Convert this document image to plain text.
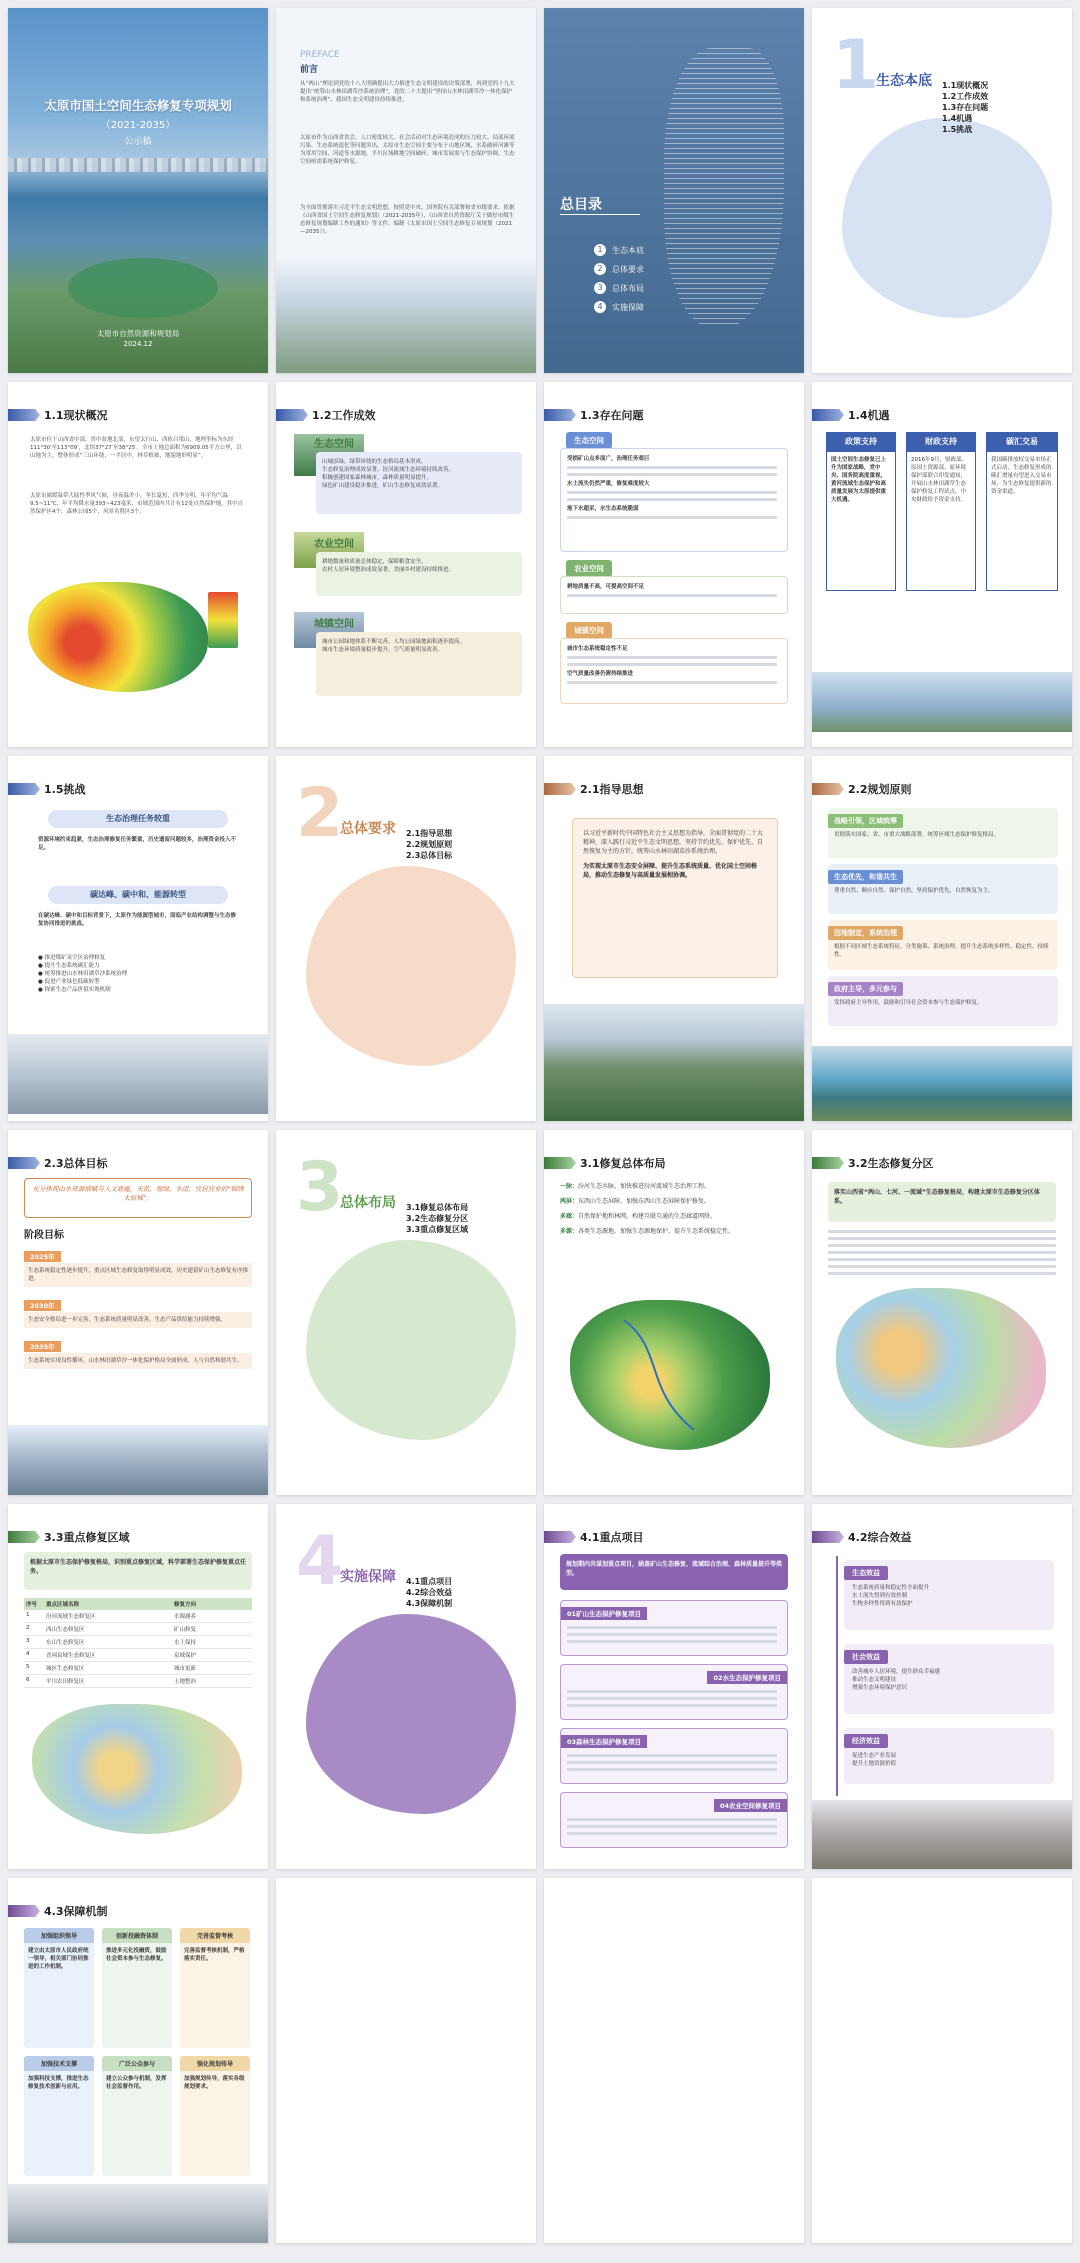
太原市国土空间生态修复专项规划
（2021-2035）
公示稿
太原市自然资源和规划局
2024.12
PREFACE
前言
从“两山”理论到党的十八大明确提出大力推进生态文明建设的决策部署，再到党的十九大提出“统筹山水林田湖草沙系统治理”，党的二十大提出“坚持山水林田湖草沙一体化保护和系统治理”，我国生态文明建设持续推进。
太原市作为山西省省会，人口密度较大，社会活动对生态环境造成的压力较大。局部环境污染、生态系统退化等问题突出，太原市生态空间主要分布于山地区域，水系破碎河滩等为常用空间、河道等水源地，平川区域耕地空间破碎，城市发展需与生态保护协调，生态空间亟需系统保护修复。
为全面贯彻落实习近平生态文明思想，按照党中央、国务院有关部署和省市级要求，依据《山西省国土空间生态修复规划》（2021-2035年）、《山西省自然资源厅关于做好市级生态修复规划编制工作的通知》等文件，编制《太原市国土空间生态修复专项规划（2021—2035）》。
总目录
1	生态本底
2	总体要求
3	总体布局
4	实施保障
1
生态本底 1.1现状概况
1.2工作成效
1.3存在问题
1.4机遇
1.5挑战
1.1现状概况
太原市位于山西省中部，晋中盆地北部，东望太行山、西依吕梁山，地理坐标为东经111°30′至113°09′，北纬37°27′至38°25′。全市土地总面积为6909.05平方公里，以山地为主，整体形成“三山环绕，一平居中，林草植被，地貌地形明显”。
太原市属暖温带大陆性季风气候，昼夜温差小，冬长夏短，四季分明，年平均气温9.5~11℃，年平均降水量393~423毫米，市域范围内共计有12处自然保护地，其中自然保护区4个，森林公园5个，风景名胜区3个。
1.2工作成效
生态空间
山城添绿，绿带环绕的生态格局基本形成。
生态修复治理成效显著，汾河流域生态环境持续改善。
积极创建国家森林城市，森林质量明显提升。
绿色矿山建设稳步推进，矿山生态修复成效显著。
农业空间
耕地数量和质量总体稳定，保障粮食安全。
农村人居环境整治成效显著，美丽乡村建设持续推进。
城镇空间
城市公园绿地体系不断完善，人均公园绿地面积逐步提高。
城市生态环境质量稳步提升，空气质量明显改善。
1.3存在问题
生态空间
受损矿山点多面广，治理任务艰巨
水土流失仍然严重，修复难度较大
地下水超采，水生态系统脆弱
农业空间
耕地质量不高，可提高空间不足
城镇空间
城市生态系统稳定性不足
空气质量改善仍需持续推进
1.4机遇
政策支持
国土空间生态修复已上升为国家战略，党中央、国务院高度重视，黄河流域生态保护和高质量发展为太原提供重大机遇。
财政支持
2016年9月，财政部、原国土资源部、原环境保护部联合印发通知，开展山水林田湖草生态保护修复工程试点，中央财政给予资金支持。
碳汇交易
我国碳排放权交易市场正式启动，生态修复形成的碳汇增量有望进入交易市场，为生态修复提供新的资金渠道。
1.5挑战
生态治理任务较重
资源环境约束趋紧，生态治理修复任务繁重，历史遗留问题较多，治理资金投入不足。
碳达峰、碳中和、能源转型
在碳达峰、碳中和目标背景下，太原作为能源型城市，面临产业结构调整与生态修复协同推进的挑战。
● 推进煤矿采空区治理修复
● 提升生态系统碳汇能力
● 统筹推进山水林田湖草沙系统治理
● 促进产业绿色低碳转型
● 探索生态产品价值实现机制
2
总体要求 2.1指导思想
2.2规划原则
2.3总体目标
2.1指导思想
以习近平新时代中国特色社会主义思想为指导，全面贯彻党的二十大精神，深入践行习近平生态文明思想，坚持节约优先、保护优先、自然恢复为主的方针，统筹山水林田湖草沙系统治理。
为实现太原市生态安全屏障、提升生态系统质量、优化国土空间格局，推动生态修复与高质量发展相协调。
2.2规划原则
战略引领，区域统筹
贯彻落实国家、省、市重大战略部署，统筹区域生态保护修复格局。
生态优先，和谐共生
尊重自然、顺应自然、保护自然，坚持保护优先、自然恢复为主。
因地制宜，系统治理
根据不同区域生态系统特征，分类施策、系统治理，提升生态系统多样性、稳定性、持续性。
政府主导，多元参与
发挥政府主导作用，鼓励和引导社会资本参与生态保护修复。
2.3总体目标
充分体现山水资源禀赋与人文底蕴，天蓝、地绿、水清、宜居宜业的“锦绣太原城”。
阶段目标
2025年
生态系统稳定性逐步提升，重点区域生态修复取得明显成效，历史遗留矿山生态修复有序推进。
2030年
生态安全格局进一步完善，生态系统质量明显改善，生态产品供给能力持续增强。
2035年
生态系统实现良性循环，山水林田湖草沙一体化保护格局全面形成，人与自然和谐共生。
3
总体布局 3.1修复总体布局
3.2生态修复分区
3.3重点修复区域
3.1修复总体布局
一脉：汾河生态水脉。加快推进汾河流域生态治理工程。
两屏：东西山生态屏障。加强东西山生态屏障保护修复。
多廊：自然保护地和林网。构建互联互通的生态廊道网络。
多源：各类生态源地。加强生态源地保护，提升生态系统稳定性。
3.2生态修复分区
落实山西省“两山、七河、一流域”生态修复格局，构建太原市生态修复分区体系。
3.3重点修复区域
根据太原市生态保护修复格局，识别重点修复区域，科学部署生态保护修复重点任务。
序号	重点区域名称	修复方向
1	汾河流域生态修复区	水源涵养
2	西山生态修复区	矿山修复
3	东山生态修复区	水土保持
4	晋祠泉域生态修复区	泉域保护
5	城区生态修复区	城市更新
6	平川农田修复区	土地整治
4
实施保障 4.1重点项目
4.2综合效益
4.3保障机制
4.1重点项目
规划期内共谋划重点项目，涵盖矿山生态修复、流域综合治理、森林质量提升等类型。
01矿山生态保护修复项目
02水生态保护修复项目
03森林生态保护修复项目
04农业空间修复项目
4.2综合效益
生态效益
生态系统质量和稳定性全面提升
水土流失得到有效控制
生物多样性得到有效保护
社会效益
改善城乡人居环境，提升群众幸福感
推动生态文明建设
增强生态环境保护意识
经济效益
促进生态产业发展
提升土地资源价值
4.3保障机制
加强组织领导
建立由太原市人民政府统一领导，相关部门协同推进的工作机制。
创新投融资体制
推进多元化投融资，鼓励社会资本参与生态修复。
完善监督考核
完善监督考核机制，严格落实责任。
加强技术支撑
加强科技支撑，推进生态修复技术创新与应用。
广泛公众参与
建立公众参与机制，发挥社会监督作用。
强化规划传导
加强规划传导，落实各级规划要求。
